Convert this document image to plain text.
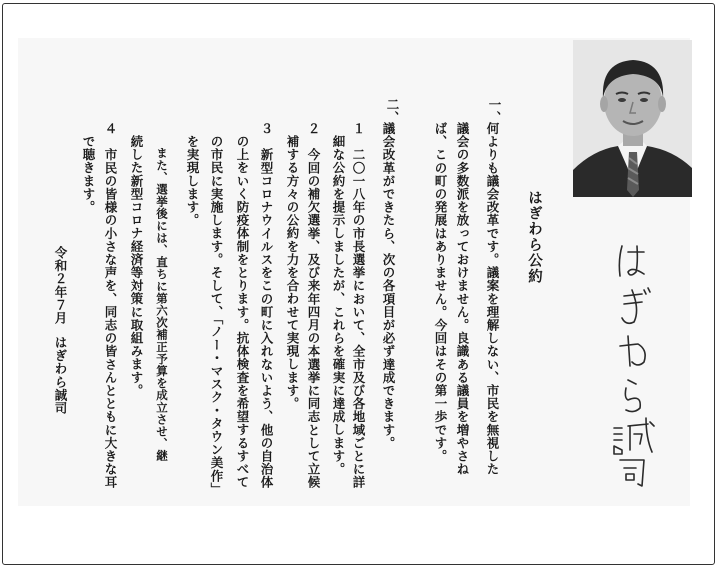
はぎわら公約
一、
何よりも議会改革です。議案を理解しない、市民を無視した
議会の多数派を放っておけません。良識ある議員を増やさね
ば、この町の発展はありません。今回はその第一歩です。
二、
議会改革ができたら、次の各項目が必ず達成できます。
１　二〇一八年の市長選挙において、全市及び各地域ごとに詳
細な公約を提示しましたが、これらを確実に達成します。
２　今回の補欠選挙、及び来年四月の本選挙に同志として立候
補する方々の公約を力を合わせて実現します。
３　新型コロナウイルスをこの町に入れないよう、他の自治体
の上をいく防疫体制をとります。抗体検査を希望するすべて
の市民に実施します。そして、「ノー・マスク・タウン美作」
を実現します。
　また、選挙後には、直ちに第六次補正予算を成立させ、継
続した新型コロナ経済等対策に取組みます。
４　市民の皆様の小さな声を、同志の皆さんとともに大きな耳
で聴きます。
令和２年７月
はぎわら誠司
